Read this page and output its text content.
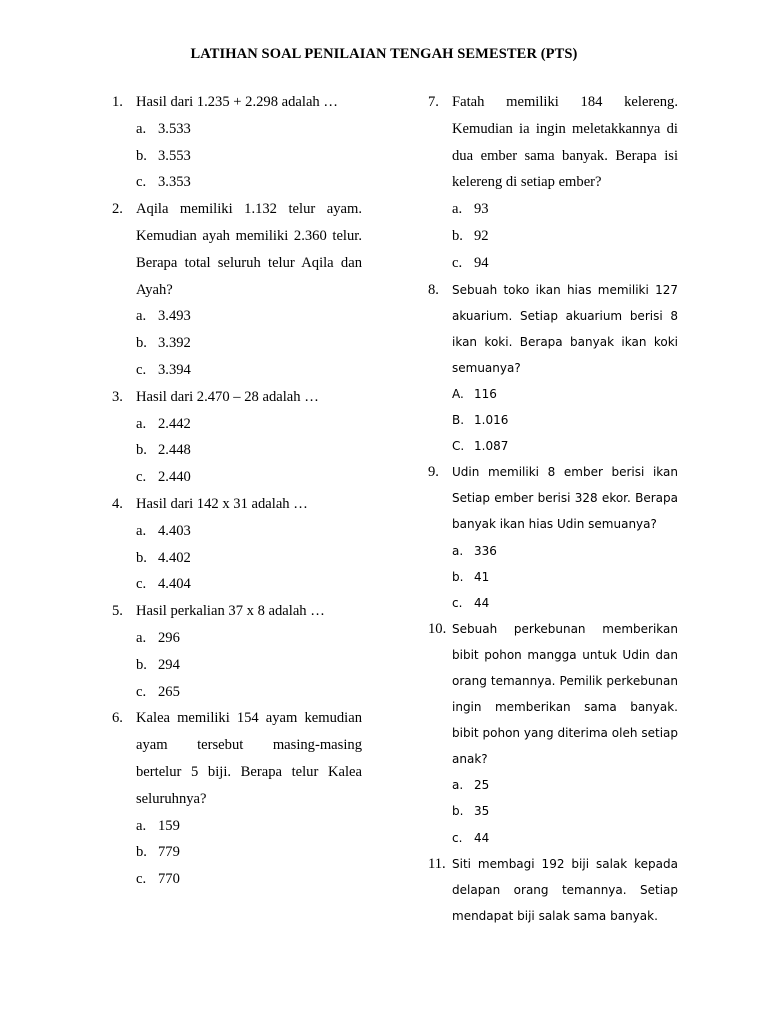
LATIHAN SOAL PENILAIAN TENGAH SEMESTER (PTS)
1. Hasil dari 1.235 + 2.298 adalah …
a. 3.533
b. 3.553
c. 3.353
2. Aqila memiliki 1.132 telur ayam.
Kemudian ayah memiliki 2.360 telur.
Berapa total seluruh telur Aqila dan
Ayah?
a. 3.493
b. 3.392
c. 3.394
3. Hasil dari 2.470 – 28 adalah …
a. 2.442
b. 2.448
c. 2.440
4. Hasil dari 142 x 31 adalah …
a. 4.403
b. 4.402
c. 4.404
5. Hasil perkalian 37 x 8 adalah …
a. 296
b. 294
c. 265
6. Kalea memiliki 154 ayam kemudian
ayam tersebut masing-masing
bertelur 5 biji. Berapa telur Kalea
seluruhnya?
a. 159
b. 779
c. 770
7. Fatah memiliki 184 kelereng.
Kemudian ia ingin meletakkannya di
dua ember sama banyak. Berapa isi
kelereng di setiap ember?
a. 93
b. 92
c. 94
8. Sebuah toko ikan hias memiliki 127
akuarium. Setiap akuarium berisi 8
ikan koki. Berapa banyak ikan koki
semuanya?
A. 116
B. 1.016
C. 1.087
9. Udin memiliki 8 ember berisi ikan
Setiap ember berisi 328 ekor. Berapa
banyak ikan hias Udin semuanya?
a. 336
b. 41
c. 44
10. Sebuah perkebunan memberikan
bibit pohon mangga untuk Udin dan
orang temannya. Pemilik perkebunan
ingin memberikan sama banyak.
bibit pohon yang diterima oleh setiap
anak?
a. 25
b. 35
c. 44
11. Siti membagi 192 biji salak kepada
delapan orang temannya. Setiap
mendapat biji salak sama banyak.
